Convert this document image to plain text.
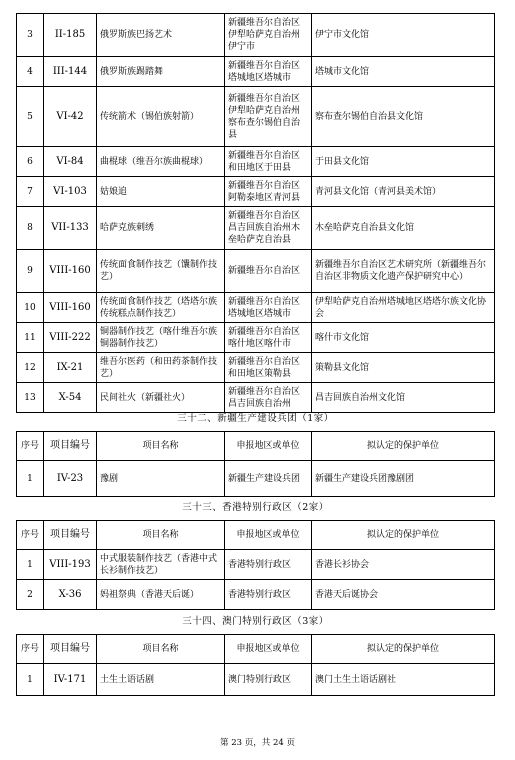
3	II-185	俄罗斯族巴扬艺术	新疆维吾尔自治区伊犁哈萨克自治州伊宁市	伊宁市文化馆
4	III-144	俄罗斯族踢踏舞	新疆维吾尔自治区塔城地区塔城市	塔城市文化馆
5	VI-42	传统箭术（锡伯族射箭）	新疆维吾尔自治区伊犁哈萨克自治州察布查尔锡伯自治县	察布查尔锡伯自治县文化馆
6	VI-84	曲棍球（维吾尔族曲棍球）	新疆维吾尔自治区和田地区于田县	于田县文化馆
7	VI-103	姑娘追	新疆维吾尔自治区阿勒泰地区青河县	青河县文化馆（青河县美术馆）
8	VII-133	哈萨克族刺绣	新疆维吾尔自治区昌吉回族自治州木垒哈萨克自治县	木垒哈萨克自治县文化馆
9	VIII-160	传统面食制作技艺（馕制作技艺）	新疆维吾尔自治区	新疆维吾尔自治区艺术研究所（新疆维吾尔自治区非物质文化遗产保护研究中心）
10	VIII-160	传统面食制作技艺（塔塔尔族传统糕点制作技艺）	新疆维吾尔自治区塔城地区塔城市	伊犁哈萨克自治州塔城地区塔塔尔族文化协会
11	VIII-222	铜器制作技艺（喀什维吾尔族铜器制作技艺）	新疆维吾尔自治区喀什地区喀什市	喀什市文化馆
12	IX-21	维吾尔医药（和田药茶制作技艺）	新疆维吾尔自治区和田地区策勒县	策勒县文化馆
13	X-54	民间社火（新疆社火）	新疆维吾尔自治区昌吉回族自治州	昌吉回族自治州文化馆
三十二、新疆生产建设兵团（1家）
序号	项目编号	项目名称	申报地区或单位	拟认定的保护单位
1	IV-23	豫剧	新疆生产建设兵团	新疆生产建设兵团豫剧团
三十三、香港特别行政区（2家）
序号	项目编号	项目名称	申报地区或单位	拟认定的保护单位
1	VIII-193	中式服装制作技艺（香港中式长衫制作技艺）	香港特别行政区	香港长衫协会
2	X-36	妈祖祭典（香港天后诞）	香港特别行政区	香港天后诞协会
三十四、澳门特别行政区（3家）
序号	项目编号	项目名称	申报地区或单位	拟认定的保护单位
1	IV-171	土生土语话剧	澳门特别行政区	澳门土生土语话剧社
第 23 页，共 24 页
